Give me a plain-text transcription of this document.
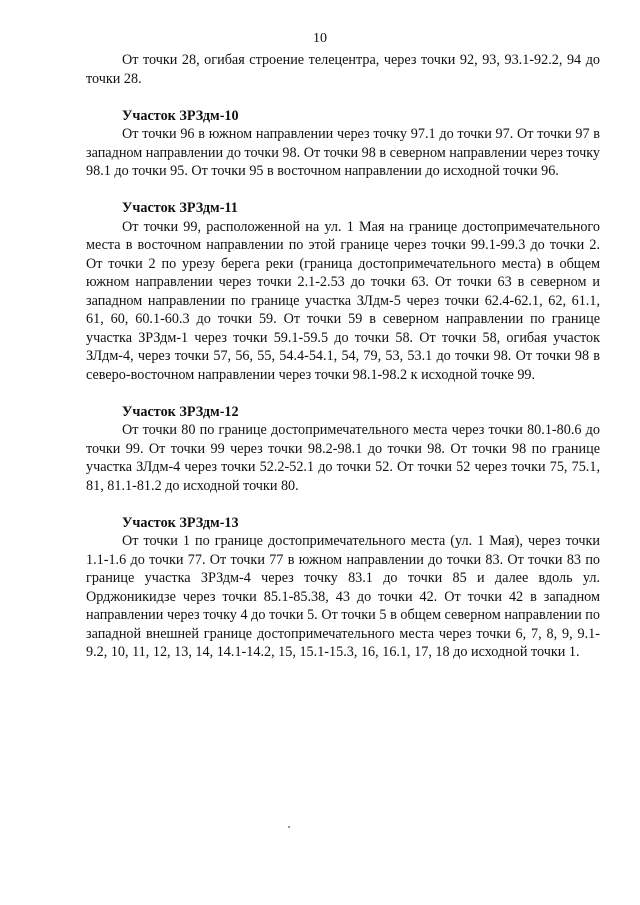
10

От точки 28, огибая строение телецентра, через точки 92, 93, 93.1-92.2, 94 до точки 28.

Участок ЗРЗдм-10

От точки 96 в южном направлении через точку 97.1 до точки 97. От точки 97 в западном направлении до точки 98. От точки 98 в северном направлении через точку 98.1 до точки 95. От точки 95 в восточном направлении до исходной точки 96.

Участок ЗРЗдм-11

От точки 99, расположенной на ул. 1 Мая на границе достопримечательного места в восточном направлении по этой границе через точки 99.1-99.3 до точки 2. От точки 2 по урезу берега реки (граница достопримечательного места) в общем южном направлении через точки 2.1-2.53 до точки 63. От точки 63 в северном и западном направлении по границе участка ЗЛдм-5 через точки 62.4-62.1, 62, 61.1, 61, 60, 60.1-60.3 до точки 59. От точки 59 в северном направлении по границе участка ЗРЗдм-1 через точки 59.1-59.5 до точки 58. От точки 58, огибая участок ЗЛдм-4, через точки 57, 56, 55, 54.4-54.1, 54, 79, 53, 53.1 до точки 98. От точки 98 в северо-восточном направлении через точки 98.1-98.2 к исходной точке 99.

Участок ЗРЗдм-12

От точки 80 по границе достопримечательного места через точки 80.1-80.6 до точки 99. От точки 99 через точки 98.2-98.1 до точки 98. От точки 98 по границе участка ЗЛдм-4 через точки 52.2-52.1 до точки 52. От точки 52 через точки 75, 75.1, 81, 81.1-81.2 до исходной точки 80.

Участок ЗРЗдм-13

От точки 1 по границе достопримечательного места (ул. 1 Мая), через точки 1.1-1.6 до точки 77. От точки 77 в южном направлении до точки 83. От точки 83 по границе участка ЗРЗдм-4 через точку 83.1 до точки 85 и далее вдоль ул. Орджоникидзе через точки 85.1-85.38, 43 до точки 42. От точки 42 в западном направлении через точку 4 до точки 5. От точки 5 в общем северном направлении по западной внешней границе достопримечательного места через точки 6, 7, 8, 9, 9.1-9.2, 10, 11, 12, 13, 14, 14.1-14.2, 15, 15.1-15.3, 16, 16.1, 17, 18 до исходной точки 1.
